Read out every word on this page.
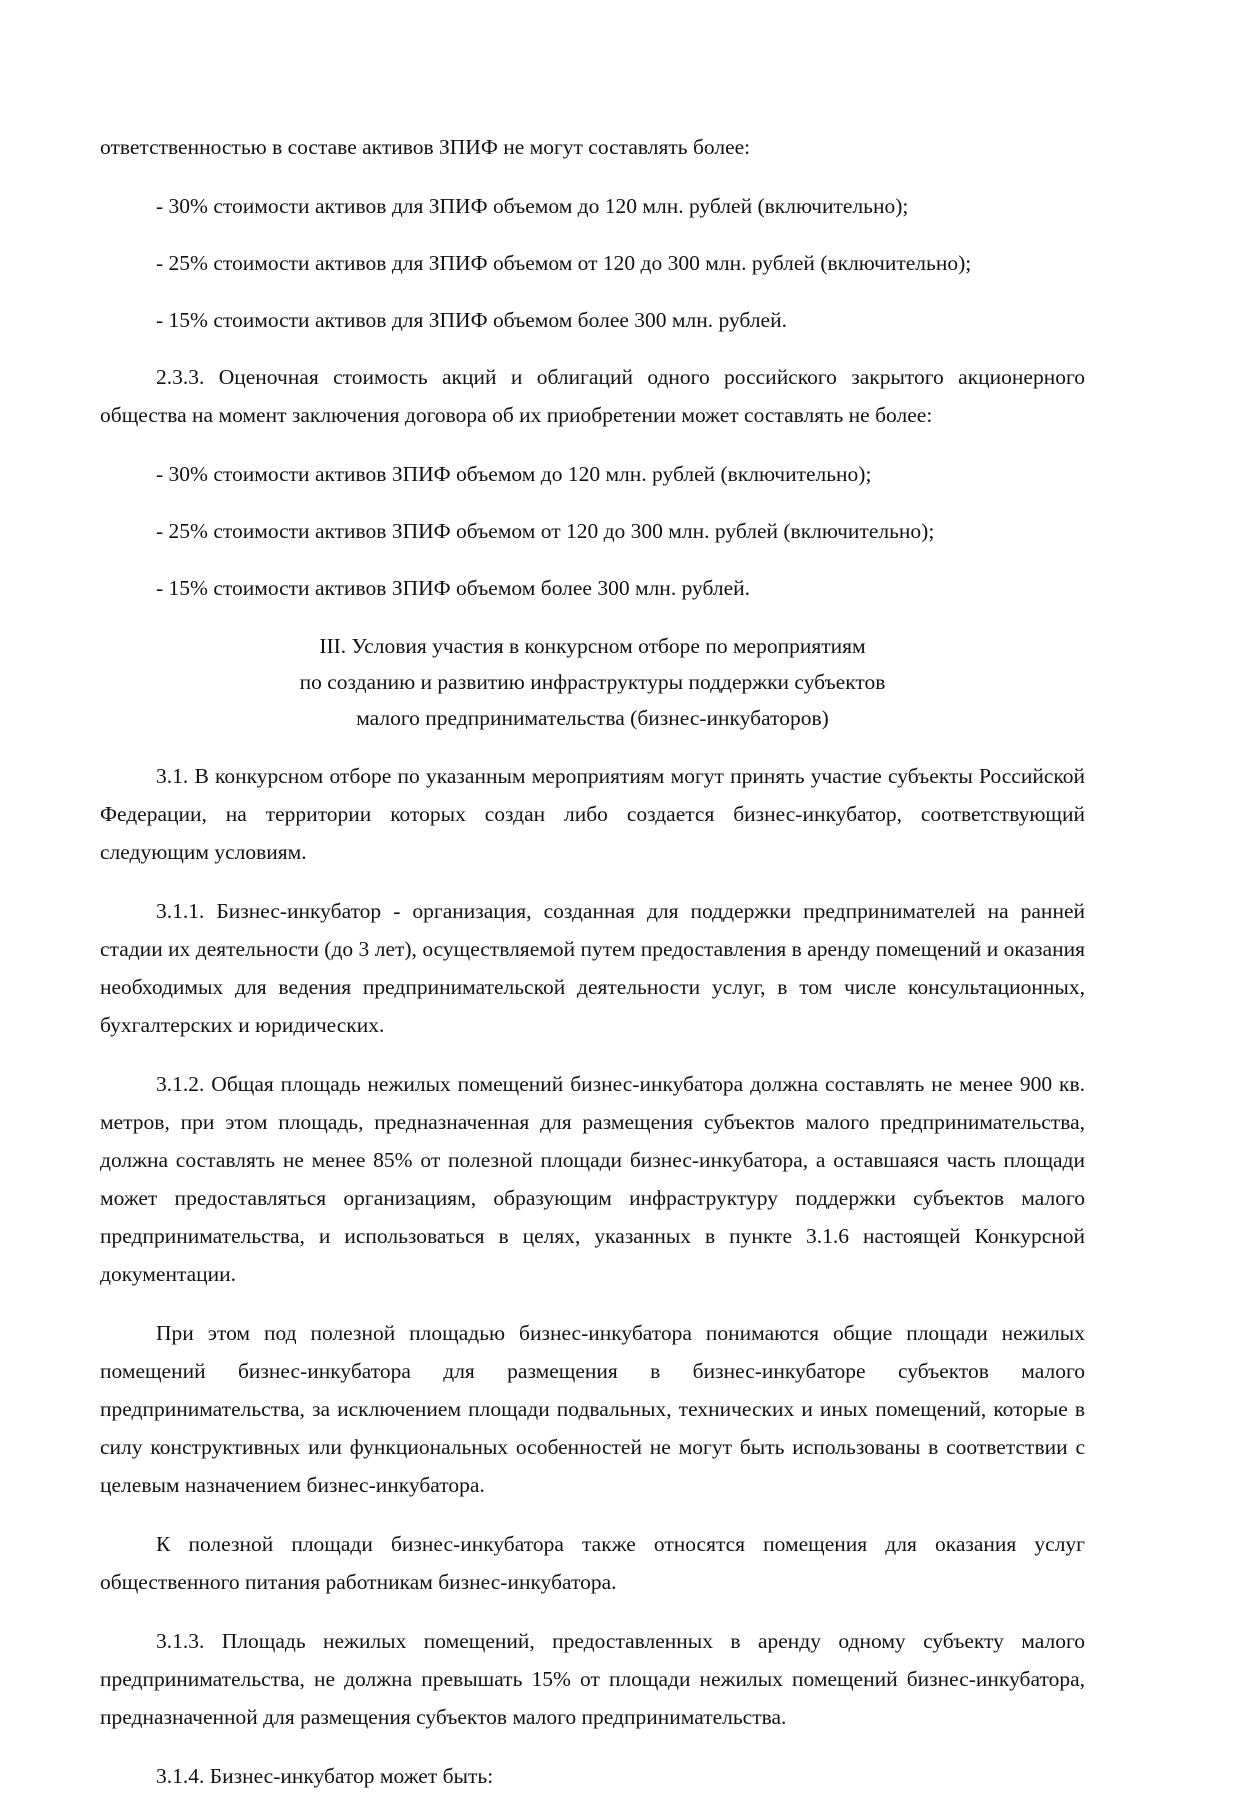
ответственностью в составе активов ЗПИФ не могут составлять более:

- 30% стоимости активов для ЗПИФ объемом до 120 млн. рублей (включительно);

- 25% стоимости активов для ЗПИФ объемом от 120 до 300 млн. рублей (включительно);

- 15% стоимости активов для ЗПИФ объемом более 300 млн. рублей.

2.3.3. Оценочная стоимость акций и облигаций одного российского закрытого акционерного общества на момент заключения договора об их приобретении может составлять не более:

- 30% стоимости активов ЗПИФ объемом до 120 млн. рублей (включительно);

- 25% стоимости активов ЗПИФ объемом от 120 до 300 млн. рублей (включительно);

- 15% стоимости активов ЗПИФ объемом более 300 млн. рублей.

III. Условия участия в конкурсном отборе по мероприятиям

по созданию и развитию инфраструктуры поддержки субъектов

малого предпринимательства (бизнес-инкубаторов)

3.1. В конкурсном отборе по указанным мероприятиям могут принять участие субъекты Российской Федерации, на территории которых создан либо создается бизнес-инкубатор, соответствующий следующим условиям.

3.1.1. Бизнес-инкубатор - организация, созданная для поддержки предпринимателей на ранней стадии их деятельности (до 3 лет), осуществляемой путем предоставления в аренду помещений и оказания необходимых для ведения предпринимательской деятельности услуг, в том числе консультационных, бухгалтерских и юридических.

3.1.2. Общая площадь нежилых помещений бизнес-инкубатора должна составлять не менее 900 кв. метров, при этом площадь, предназначенная для размещения субъектов малого предпринимательства, должна составлять не менее 85% от полезной площади бизнес-инкубатора, а оставшаяся часть площади может предоставляться организациям, образующим инфраструктуру поддержки субъектов малого предпринимательства, и использоваться в целях, указанных в пункте 3.1.6 настоящей Конкурсной документации.

При этом под полезной площадью бизнес-инкубатора понимаются общие площади нежилых помещений бизнес-инкубатора для размещения в бизнес-инкубаторе субъектов малого предпринимательства, за исключением площади подвальных, технических и иных помещений, которые в силу конструктивных или функциональных особенностей не могут быть использованы в соответствии с целевым назначением бизнес-инкубатора.

К полезной площади бизнес-инкубатора также относятся помещения для оказания услуг общественного питания работникам бизнес-инкубатора.

3.1.3. Площадь нежилых помещений, предоставленных в аренду одному субъекту малого предпринимательства, не должна превышать 15% от площади нежилых помещений бизнес-инкубатора, предназначенной для размещения субъектов малого предпринимательства.

3.1.4. Бизнес-инкубатор может быть:
